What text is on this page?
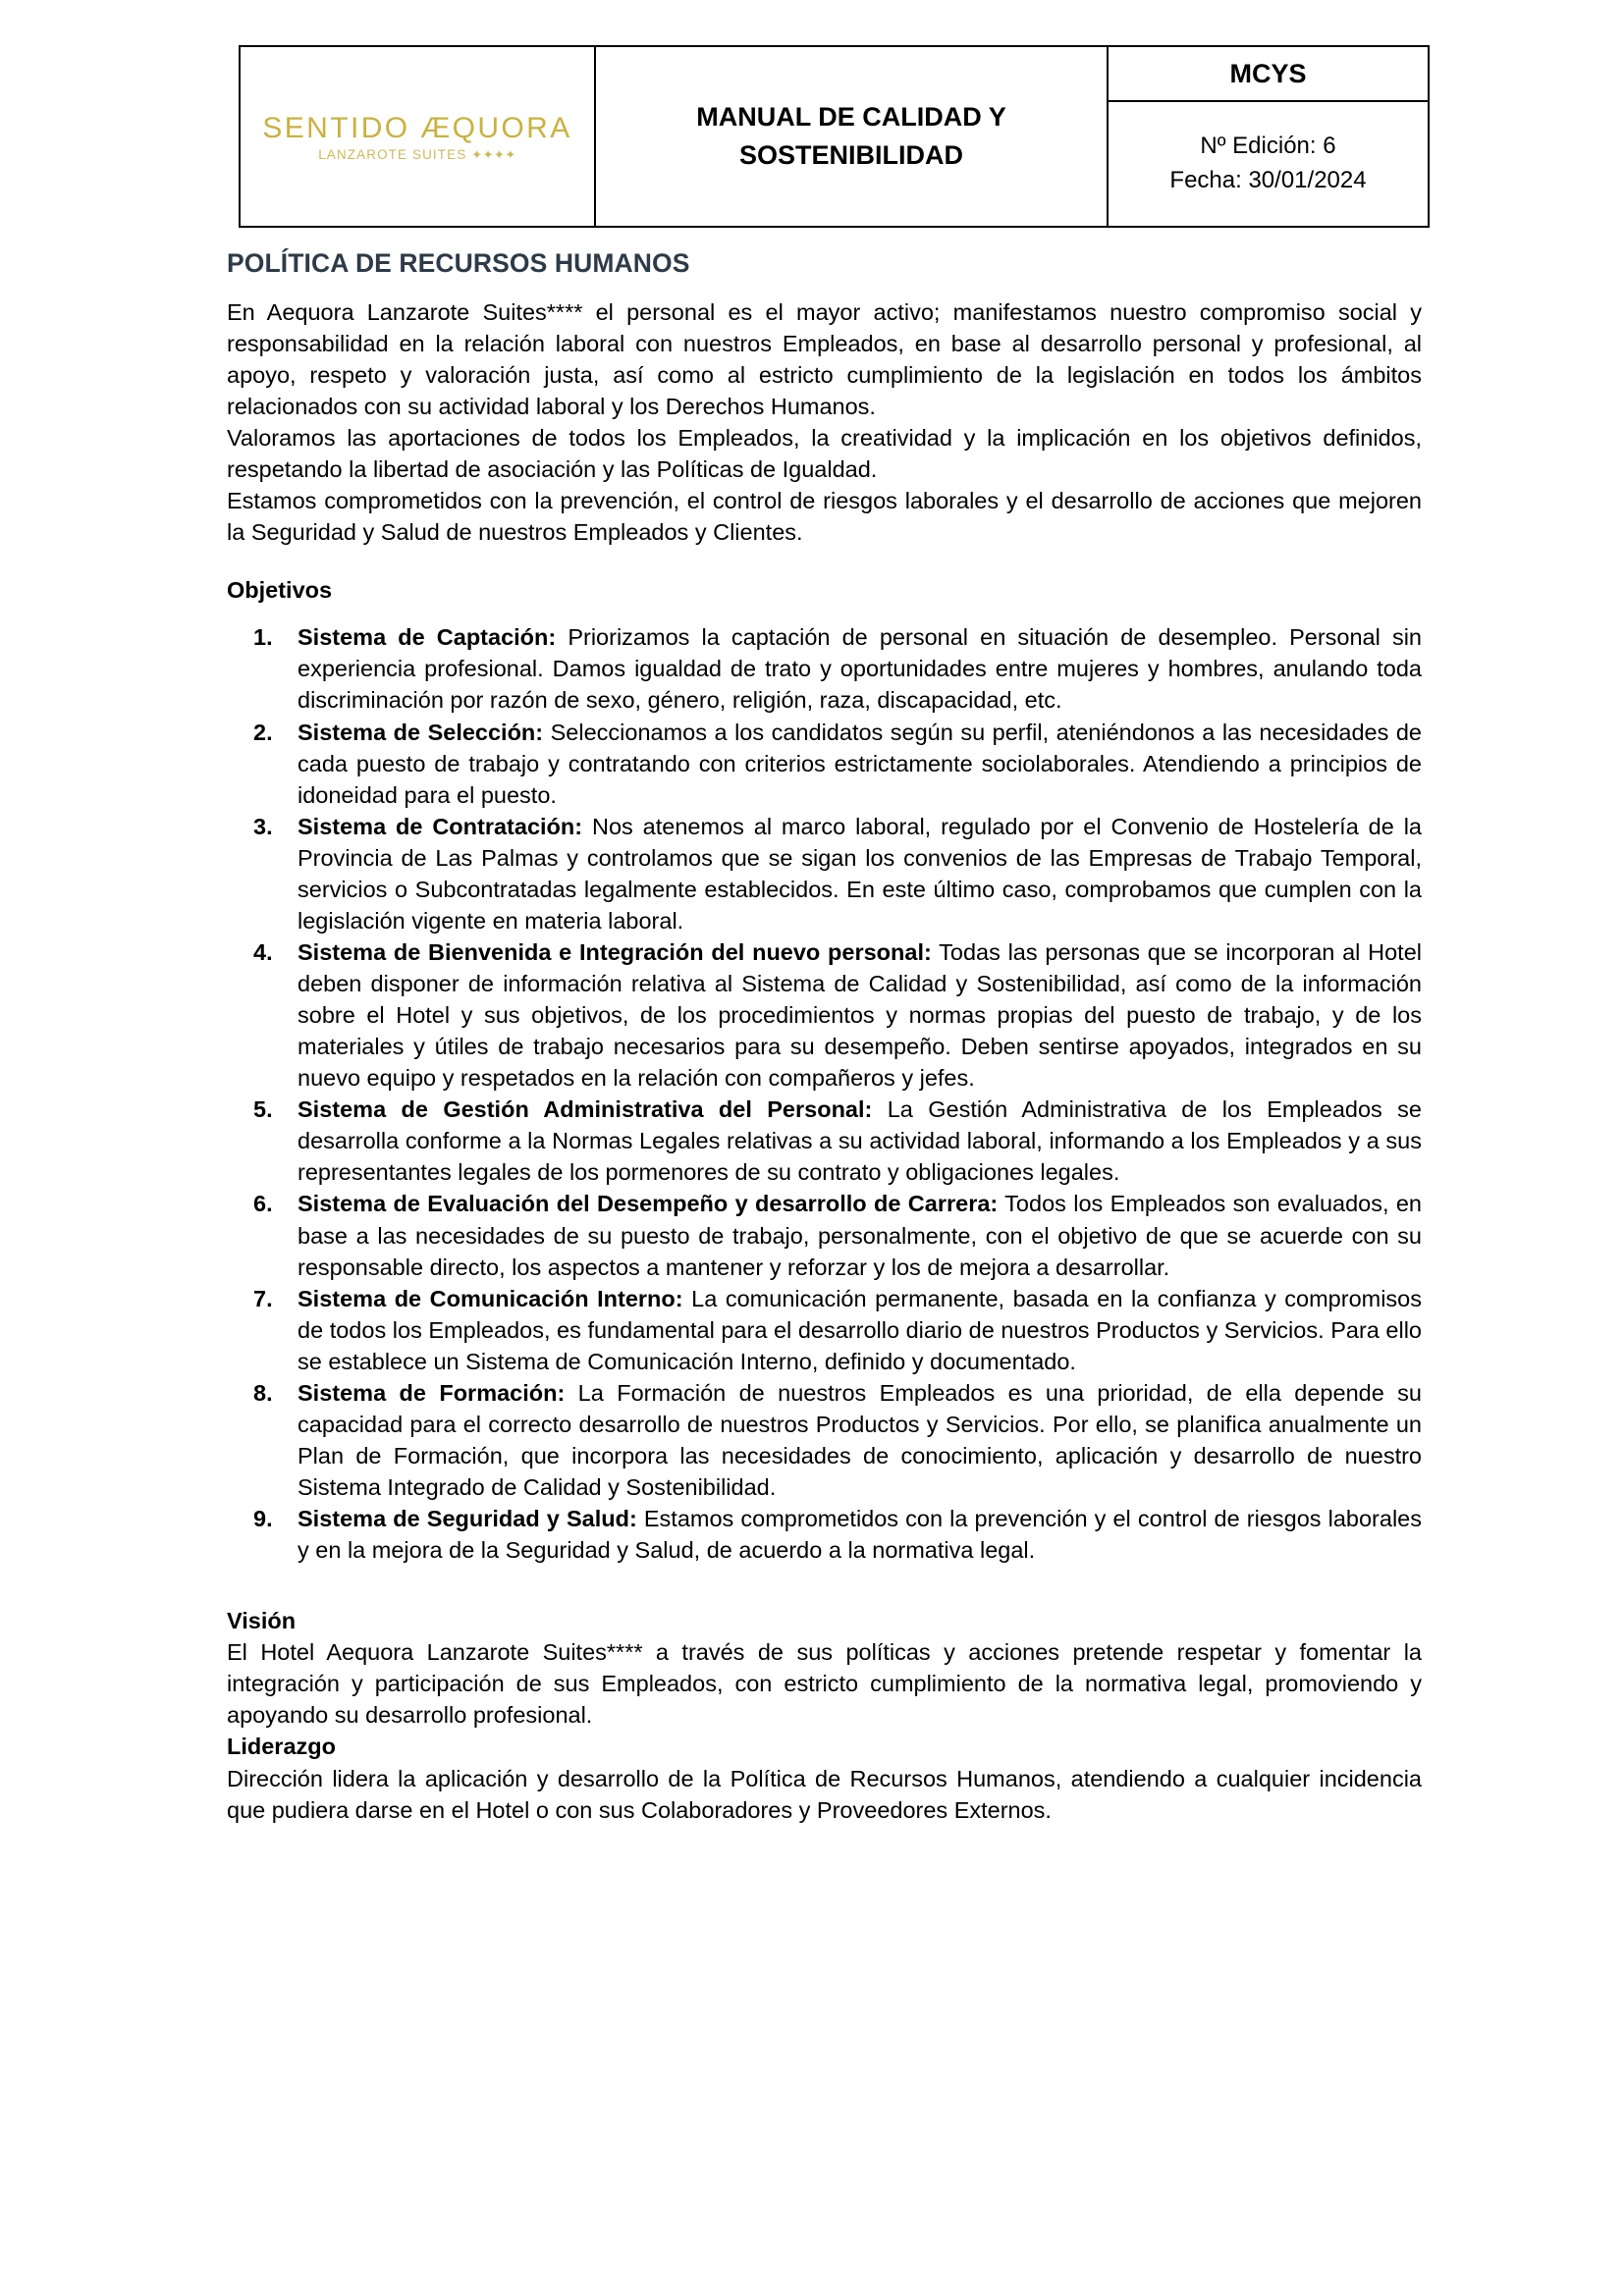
SENTIDO ÆQUORA
LANZAROTE SUITES ✦✦✦✦

MANUAL DE CALIDAD Y
SOSTENIBILIDAD
	MCYS

Nº Edición: 6
Fecha: 30/01/2024
POLÍTICA DE RECURSOS HUMANOS

En Aequora Lanzarote Suites**** el personal es el mayor activo; manifestamos nuestro compromiso social y responsabilidad en la relación laboral con nuestros Empleados, en base al desarrollo personal y profesional, al apoyo, respeto y valoración justa, así como al estricto cumplimiento de la legislación en todos los ámbitos relacionados con su actividad laboral y los Derechos Humanos.

Valoramos las aportaciones de todos los Empleados, la creatividad y la implicación en los objetivos definidos, respetando la libertad de asociación y las Políticas de Igualdad.

Estamos comprometidos con la prevención, el control de riesgos laborales y el desarrollo de acciones que mejoren la Seguridad y Salud de nuestros Empleados y Clientes.

Objetivos
Sistema de Captación: Priorizamos la captación de personal en situación de desempleo. Personal sin experiencia profesional. Damos igualdad de trato y oportunidades entre mujeres y hombres, anulando toda discriminación por razón de sexo, género, religión, raza, discapacidad, etc.
Sistema de Selección: Seleccionamos a los candidatos según su perfil, ateniéndonos a las necesidades de cada puesto de trabajo y contratando con criterios estrictamente sociolaborales. Atendiendo a principios de idoneidad para el puesto.
Sistema de Contratación: Nos atenemos al marco laboral, regulado por el Convenio de Hostelería de la Provincia de Las Palmas y controlamos que se sigan los convenios de las Empresas de Trabajo Temporal, servicios o Subcontratadas legalmente establecidos. En este último caso, comprobamos que cumplen con la legislación vigente en materia laboral.
Sistema de Bienvenida e Integración del nuevo personal: Todas las personas que se incorporan al Hotel deben disponer de información relativa al Sistema de Calidad y Sostenibilidad, así como de la información sobre el Hotel y sus objetivos, de los procedimientos y normas propias del puesto de trabajo, y de los materiales y útiles de trabajo necesarios para su desempeño. Deben sentirse apoyados, integrados en su nuevo equipo y respetados en la relación con compañeros y jefes.
Sistema de Gestión Administrativa del Personal: La Gestión Administrativa de los Empleados se desarrolla conforme a la Normas Legales relativas a su actividad laboral, informando a los Empleados y a sus representantes legales de los pormenores de su contrato y obligaciones legales.
Sistema de Evaluación del Desempeño y desarrollo de Carrera: Todos los Empleados son evaluados, en base a las necesidades de su puesto de trabajo, personalmente, con el objetivo de que se acuerde con su responsable directo, los aspectos a mantener y reforzar y los de mejora a desarrollar.
Sistema de Comunicación Interno: La comunicación permanente, basada en la confianza y compromisos de todos los Empleados, es fundamental para el desarrollo diario de nuestros Productos y Servicios. Para ello se establece un Sistema de Comunicación Interno, definido y documentado.
Sistema de Formación: La Formación de nuestros Empleados es una prioridad, de ella depende su capacidad para el correcto desarrollo de nuestros Productos y Servicios. Por ello, se planifica anualmente un Plan de Formación, que incorpora las necesidades de conocimiento, aplicación y desarrollo de nuestro Sistema Integrado de Calidad y Sostenibilidad.
Sistema de Seguridad y Salud: Estamos comprometidos con la prevención y el control de riesgos laborales y en la mejora de la Seguridad y Salud, de acuerdo a la normativa legal.
Visión

El Hotel Aequora Lanzarote Suites**** a través de sus políticas y acciones pretende respetar y fomentar la integración y participación de sus Empleados, con estricto cumplimiento de la normativa legal, promoviendo y apoyando su desarrollo profesional.

Liderazgo

Dirección lidera la aplicación y desarrollo de la Política de Recursos Humanos, atendiendo a cualquier incidencia que pudiera darse en el Hotel o con sus Colaboradores y Proveedores Externos.
